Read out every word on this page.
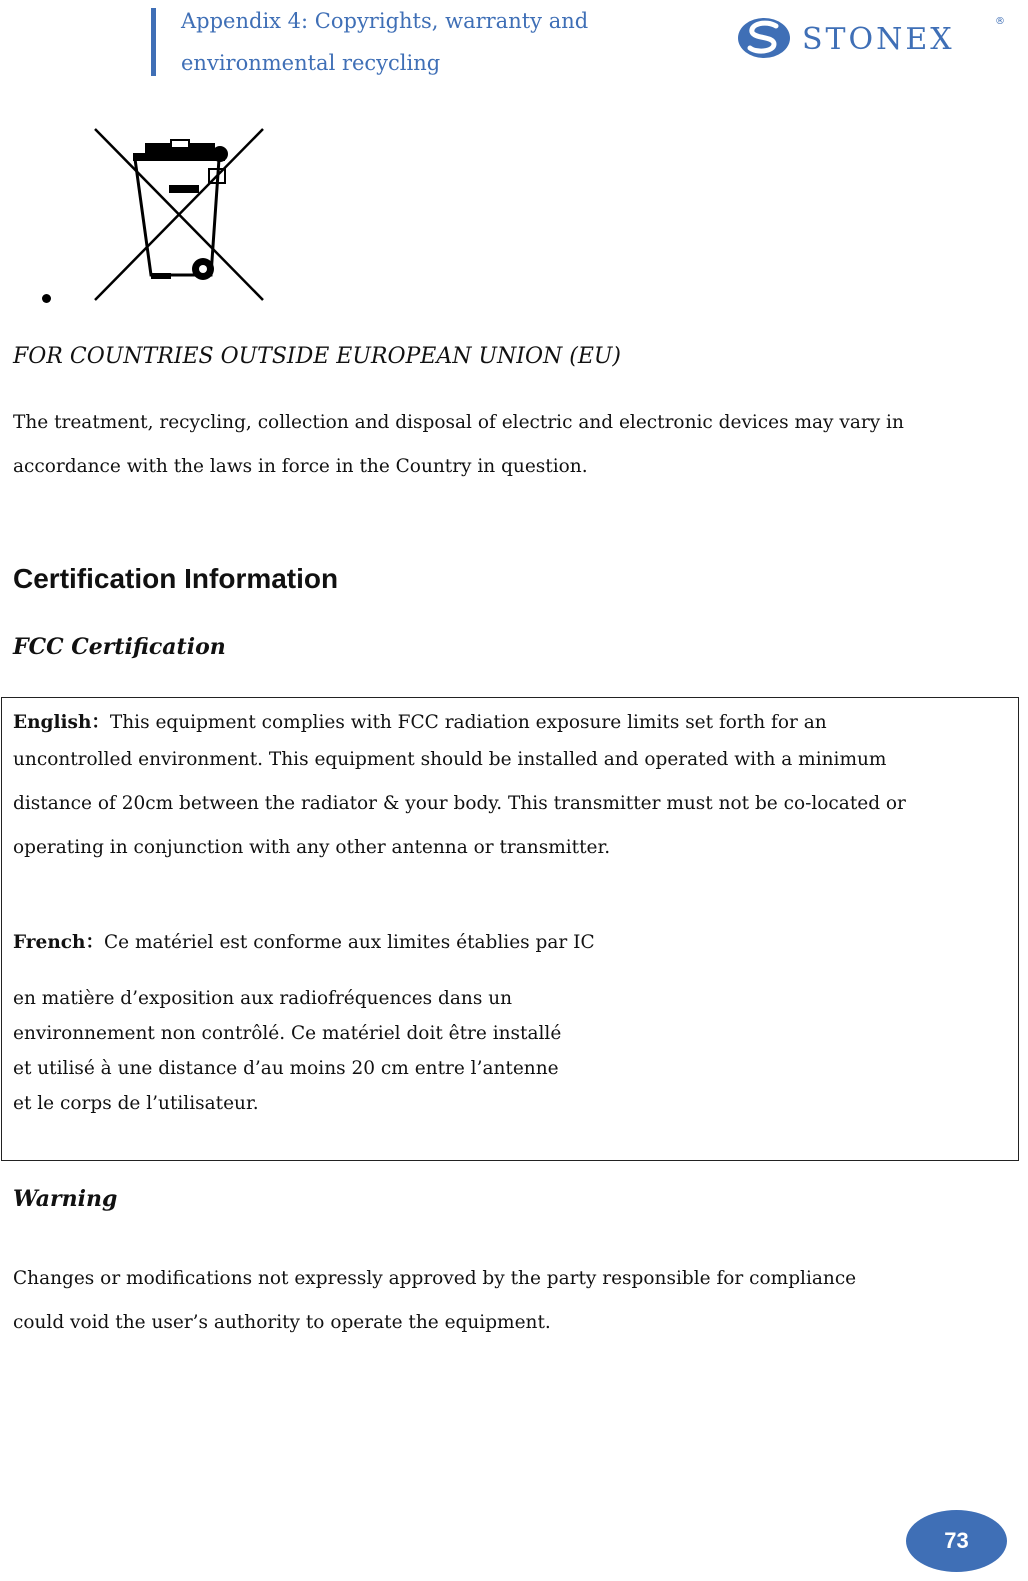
Appendix 4: Copyrights, warranty and
environmental recycling
STONEX
®
FOR COUNTRIES OUTSIDE EUROPEAN UNION (EU)
The treatment, recycling, collection and disposal of electric and electronic devices may vary in
accordance with the laws in force in the Country in question.
Certification Information
FCC Certification
English：This equipment complies with FCC radiation exposure limits set forth for an
uncontrolled environment. This equipment should be installed and operated with a minimum
distance of 20cm between the radiator & your body. This transmitter must not be co-located or
operating in conjunction with any other antenna or transmitter.
French：Ce matériel est conforme aux limites établies par IC
en matière d’exposition aux radiofréquences dans un
environnement non contrôlé. Ce matériel doit être installé
et utilisé à une distance d’au moins 20 cm entre l’antenne
et le corps de l’utilisateur.
Warning
Changes or modifications not expressly approved by the party responsible for compliance
could void the user’s authority to operate the equipment.
73
